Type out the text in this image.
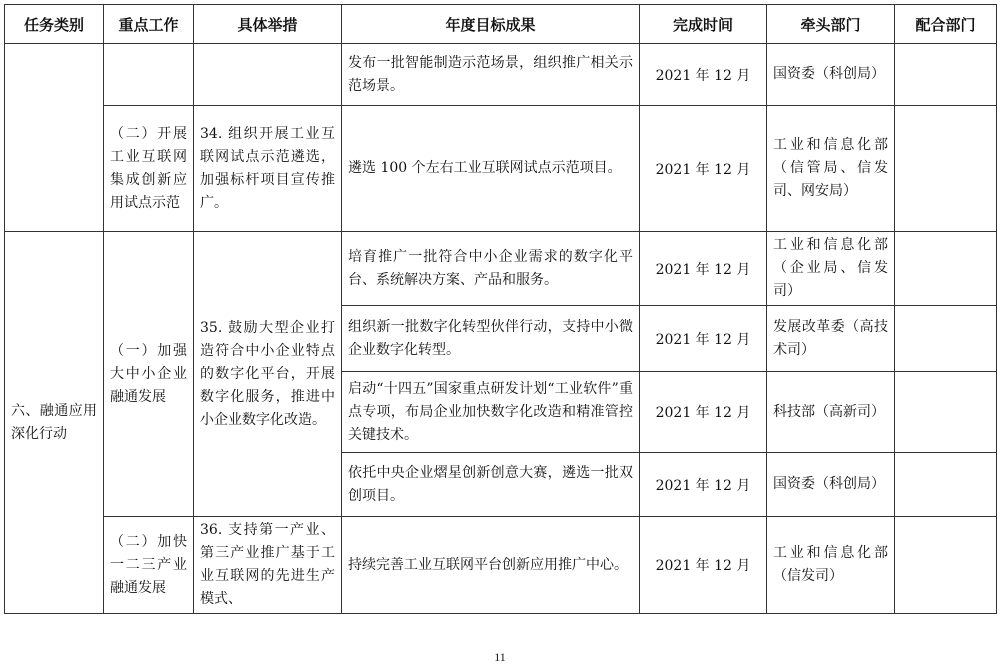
任务类别	重点工作	具体举措	年度目标成果	完成时间	牵头部门	配合部门
			发布一批智能制造示范场景，组织推广相关示范场景。	2021 年 12 月	国资委（科创局）	
	（二）开展工业互联网集成创新应用试点示范	34. 组织开展工业互联网试点示范遴选，加强标杆项目宣传推广。	遴选 100 个左右工业互联网试点示范项目。	2021 年 12 月	工业和信息化部（信管局、信发司、网安局）	
六、融通应用深化行动	（一）加强大中小企业融通发展	35. 鼓励大型企业打造符合中小企业特点的数字化平台，开展数字化服务，推进中小企业数字化改造。	培育推广一批符合中小企业需求的数字化平台、系统解决方案、产品和服务。	2021 年 12 月	工业和信息化部（企业局、信发司）	
			组织新一批数字化转型伙伴行动，支持中小微企业数字化转型。	2021 年 12 月	发展改革委（高技术司）	
			启动“十四五”国家重点研发计划“工业软件”重点专项，布局企业加快数字化改造和精准管控关键技术。	2021 年 12 月	科技部（高新司）	
			依托中央企业熠星创新创意大赛，遴选一批双创项目。	2021 年 12 月	国资委（科创局）	
	（二）加快一二三产业融通发展	36. 支持第一产业、第三产业推广基于工业互联网的先进生产模式、	持续完善工业互联网平台创新应用推广中心。	2021 年 12 月	工业和信息化部（信发司）	
11
